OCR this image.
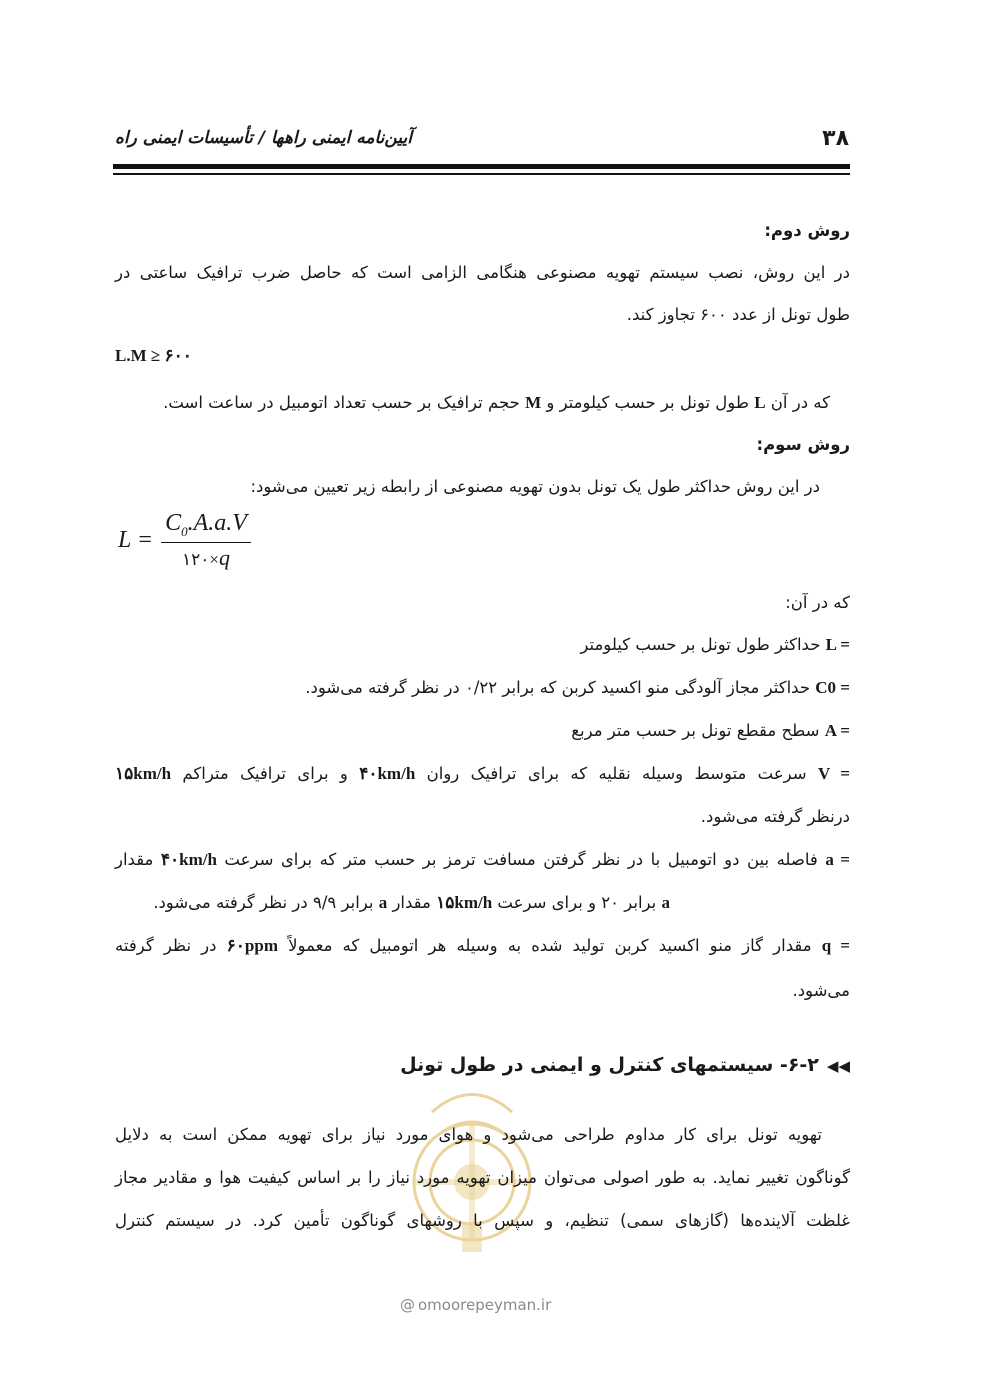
۳۸
آیین‌نامه ایمنی راهها / تأسیسات ایمنی راه
روش دوم:
در این روش، نصب سیستم تهویه مصنوعی هنگامی الزامی است که حاصل ضرب ترافیک ساعتی در
طول تونل از عدد ۶۰۰ تجاوز کند.
L.M ≥ ۶۰۰
که در آن L طول تونل بر حسب کیلومتر و M حجم ترافیک بر حسب تعداد اتومبیل در ساعت است.
روش سوم:
در این روش حداکثر طول یک تونل بدون تهویه مصنوعی از رابطه زیر تعیین می‌شود:
$L = \frac{C_0.A.a.V}{۱۲۰\times q}$
که در آن:
L = حداکثر طول تونل بر حسب کیلومتر
C0 = حداکثر مجاز آلودگی منو اکسید کربن که برابر ۰/۲۲ در نظر گرفته می‌شود.
A = سطح مقطع تونل بر حسب متر مربع
V = سرعت متوسط وسیله نقلیه که برای ترافیک روان ۴۰km/h و برای ترافیک متراکم ۱۵km/h
درنظر گرفته می‌شود.
a = فاصله بین دو اتومبیل با در نظر گرفتن مسافت ترمز بر حسب متر که برای سرعت ۴۰km/h مقدار
a برابر ۲۰ و برای سرعت ۱۵km/h مقدار a برابر ۹/۹ در نظر گرفته می‌شود.
q = مقدار گاز منو اکسید کربن تولید شده به وسیله هر اتومبیل که معمولاً ۶۰ppm در نظر گرفته
می‌شود.
◀◀۶-۲- سیستمهای کنترل و ایمنی در طول تونل
تهویه تونل برای کار مداوم طراحی می‌شود و هوای مورد نیاز برای تهویه ممکن است به دلایل
گوناگون تغییر نماید. به طور اصولی می‌توان میزان تهویه مورد نیاز را بر اساس کیفیت هوا و مقادیر مجاز
غلظت آلاینده‌ها (گازهای سمی) تنظیم، و سپس با روشهای گوناگون تأمین کرد. در سیستم کنترل
@ omoorepeyman.ir
